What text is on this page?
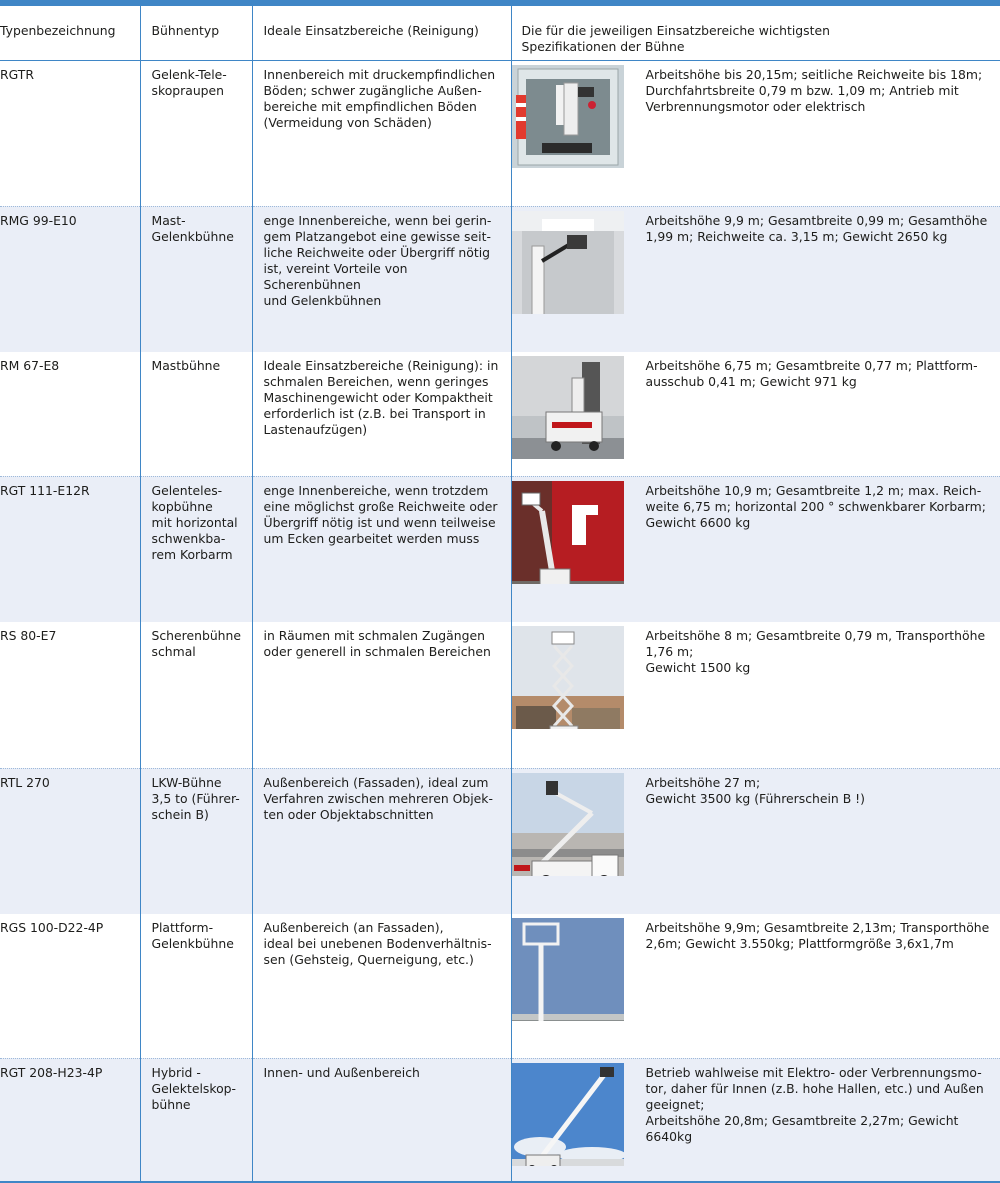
Typenbezeichnung	Bühnentyp	Ideale Einsatzbereiche (Reinigung)	Die für die jeweiligen Einsatzbereiche wichtigsten
Spezifikationen der Bühne

RGTR	Gelenk-Tele-
skopraupen	Innenbereich mit druckempfindlichen
Böden; schwer zugängliche Außen-
bereiche mit empfindlichen Böden
(Vermeidung von Schäden)	Arbeitshöhe bis 20,15m; seitliche Reichweite bis 18m;
Durchfahrtsbreite 0,79 m bzw. 1,09 m; Antrieb mit
Verbrennungsmotor oder elektrisch

RMG 99-E10	Mast-
Gelenkbühne	enge Innenbereiche, wenn bei gerin-
gem Platzangebot eine gewisse seit-
liche Reichweite oder Übergriff nötig
ist, vereint Vorteile von Scherenbühnen
und Gelenkbühnen	Arbeitshöhe 9,9 m; Gesamtbreite 0,99 m; Gesamthöhe
1,99 m; Reichweite ca. 3,15 m; Gewicht 2650 kg

RM 67-E8	Mastbühne	Ideale Einsatzbereiche (Reinigung): in
schmalen Bereichen, wenn geringes
Maschinengewicht oder Kompaktheit
erforderlich ist (z.B. bei Transport in
Lastenaufzügen)	Arbeitshöhe 6,75 m; Gesamtbreite 0,77 m; Plattform-
ausschub 0,41 m; Gewicht 971 kg

RGT 111-E12R	Gelenteles-
kopbühne
mit horizontal
schwenkba-
rem Korbarm	enge Innenbereiche, wenn trotzdem
eine möglichst große Reichweite oder
Übergriff nötig ist und wenn teilweise
um Ecken gearbeitet werden muss	Arbeitshöhe 10,9 m; Gesamtbreite 1,2 m; max. Reich-
weite 6,75 m; horizontal 200 ° schwenkbarer Korbarm;
Gewicht 6600 kg

RS 80-E7	Scherenbühne
schmal	in Räumen mit schmalen Zugängen
oder generell in schmalen Bereichen	Arbeitshöhe 8 m; Gesamtbreite 0,79 m, Transporthöhe
1,76 m;
Gewicht 1500 kg

RTL 270	LKW-Bühne
3,5 to (Führer-
schein B)	Außenbereich (Fassaden), ideal zum
Verfahren zwischen mehreren Objek-
ten oder Objektabschnitten	Arbeitshöhe 27 m;
Gewicht 3500 kg (Führerschein B !)

RGS 100-D22-4P	Plattform-
Gelenkbühne	Außenbereich (an Fassaden),
ideal bei unebenen Bodenverhältnis-
sen (Gehsteig, Querneigung, etc.)	Arbeitshöhe 9,9m; Gesamtbreite 2,13m; Transporthöhe
2,6m; Gewicht 3.550kg; Plattformgröße 3,6x1,7m

RGT 208-H23-4P	Hybrid -
Gelektelskop-
bühne	Innen- und Außenbereich	Betrieb wahlweise mit Elektro- oder Verbrennungsmo-
tor, daher für Innen (z.B. hohe Hallen, etc.) und Außen
geeignet;
Arbeitshöhe 20,8m; Gesamtbreite 2,27m; Gewicht
6640kg
